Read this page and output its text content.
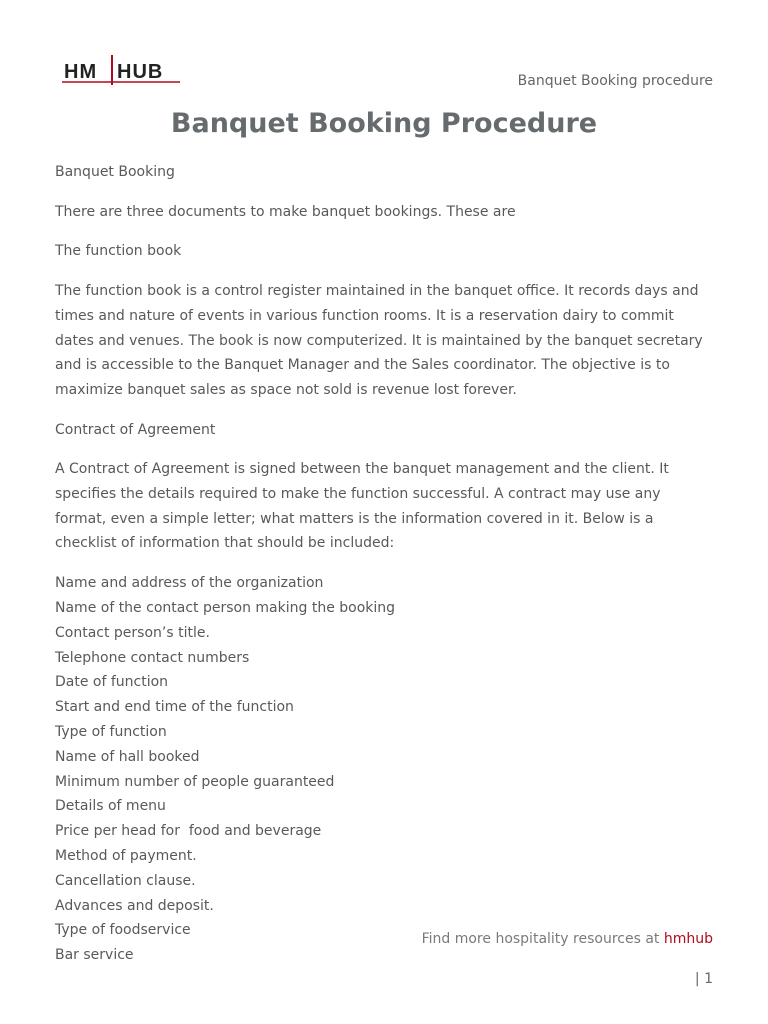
HM HUB	Banquet Booking procedure
Banquet Booking Procedure

Banquet Booking

There are three documents to make banquet bookings. These are

The function book

The function book is a control register maintained in the banquet office. It records days and times and nature of events in various function rooms. It is a reservation dairy to commit dates and venues. The book is now computerized. It is maintained by the banquet secretary and is accessible to the Banquet Manager and the Sales coordinator. The objective is to maximize banquet sales as space not sold is revenue lost forever.

Contract of Agreement

A Contract of Agreement is signed between the banquet management and the client. It specifies the details required to make the function successful. A contract may use any format, even a simple letter; what matters is the information covered in it. Below is a checklist of information that should be included:

Name and address of the organization
Name of the contact person making the booking
Contact person’s title.
Telephone contact numbers
Date of function
Start and end time of the function
Type of function
Name of hall booked
Minimum number of people guaranteed
Details of menu
Price per head for  food and beverage
Method of payment.
Cancellation clause.
Advances and deposit.
Type of foodservice
Bar service
Find more hospitality resources at hmhub
| 1
